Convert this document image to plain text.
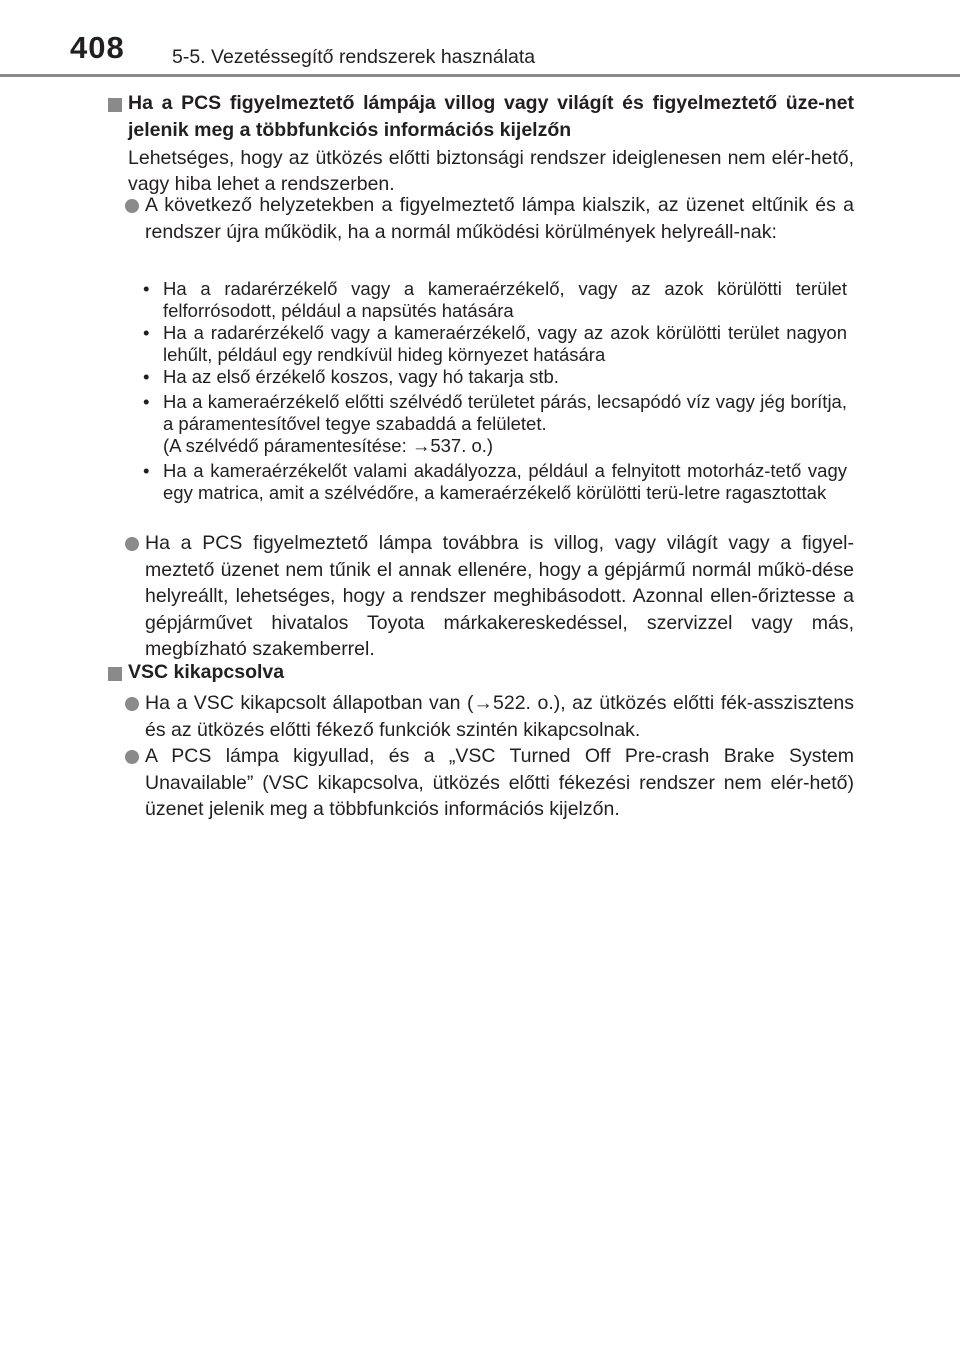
408 5-5. Vezetéssegítő rendszerek használata
Ha a PCS figyelmeztető lámpája villog vagy világít és figyelmeztető üze-net jelenik meg a többfunkciós információs kijelzőn
Lehetséges, hogy az ütközés előtti biztonsági rendszer ideiglenesen nem elér-hető, vagy hiba lehet a rendszerben.
A következő helyzetekben a figyelmeztető lámpa kialszik, az üzenet eltűnik és a rendszer újra működik, ha a normál működési körülmények helyreáll-nak:
• Ha a radarérzékelő vagy a kameraérzékelő, vagy az azok körülötti terület felforrósodott, például a napsütés hatására
• Ha a radarérzékelő vagy a kameraérzékelő, vagy az azok körülötti terület nagyon lehűlt, például egy rendkívül hideg környezet hatására
• Ha az első érzékelő koszos, vagy hó takarja stb.
• Ha a kameraérzékelő előtti szélvédő területet párás, lecsapódó víz vagy jég borítja, a páramentesítővel tegye szabaddá a felületet.
(A szélvédő páramentesítése: →537. o.)
• Ha a kameraérzékelőt valami akadályozza, például a felnyitott motorház-tető vagy egy matrica, amit a szélvédőre, a kameraérzékelő körülötti terü-letre ragasztottak
Ha a PCS figyelmeztető lámpa továbbra is villog, vagy világít vagy a figyel-meztető üzenet nem tűnik el annak ellenére, hogy a gépjármű normál műkö-dése helyreállt, lehetséges, hogy a rendszer meghibásodott. Azonnal ellen-őriztesse a gépjárművet hivatalos Toyota márkakereskedéssel, szervizzel vagy más, megbízható szakemberrel.
VSC kikapcsolva
Ha a VSC kikapcsolt állapotban van (→522. o.), az ütközés előtti fék-asszisztens és az ütközés előtti fékező funkciók szintén kikapcsolnak.
A PCS lámpa kigyullad, és a „VSC Turned Off Pre-crash Brake System Unavailable” (VSC kikapcsolva, ütközés előtti fékezési rendszer nem elér-hető) üzenet jelenik meg a többfunkciós információs kijelzőn.
